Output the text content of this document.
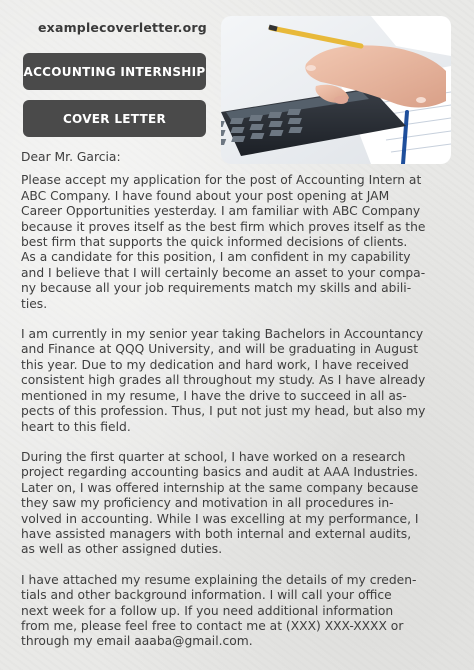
examplecoverletter.org
ACCOUNTING INTERNSHIP
COVER LETTER
Dear Mr. Garcia:
Please accept my application for the post of Accounting Intern at
ABC Company. I have found about your post opening at JAM
Career Opportunities yesterday. I am familiar with ABC Company
because it proves itself as the best firm which proves itself as the
best firm that supports the quick informed decisions of clients.
As a candidate for this position, I am confident in my capability
and I believe that I will certainly become an asset to your compa-
ny because all your job requirements match my skills and abili-
ties.
I am currently in my senior year taking Bachelors in Accountancy
and Finance at QQQ University, and will be graduating in August
this year. Due to my dedication and hard work, I have received
consistent high grades all throughout my study. As I have already
mentioned in my resume, I have the drive to succeed in all as-
pects of this profession. Thus, I put not just my head, but also my
heart to this field.
During the first quarter at school, I have worked on a research
project regarding accounting basics and audit at AAA Industries.
Later on, I was offered internship at the same company because
they saw my proficiency and motivation in all procedures in-
volved in accounting. While I was excelling at my performance, I
have assisted managers with both internal and external audits,
as well as other assigned duties.
I have attached my resume explaining the details of my creden-
tials and other background information. I will call your office
next week for a follow up. If you need additional information
from me, please feel free to contact me at (XXX) XXX-XXXX or
through my email aaaba@gmail.com.
